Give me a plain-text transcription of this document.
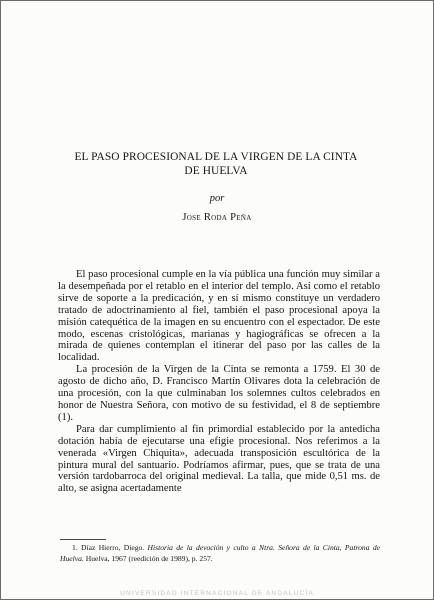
EL PASO PROCESIONAL DE LA VIRGEN DE LA CINTA
DE HUELVA
por
Jose Roda Peña

El paso procesional cumple en la vía pública una función muy similar a la desempeñada por el retablo en el interior del templo. Así como el retablo sirve de soporte a la predicación, y en sí mismo constituye un verdadero tratado de adoctrinamiento al fiel, también el paso procesional apoya la misión catequética de la imagen en su encuentro con el espectador. De este modo, escenas cristológicas, marianas y hagiográficas se ofrecen a la mirada de quienes contemplan el itinerar del paso por las calles de la localidad.

La procesión de la Virgen de la Cinta se remonta a 1759. El 30 de agosto de dicho año, D. Francisco Martín Olivares dota la celebración de una procesión, con la que culminaban los solemnes cultos celebrados en honor de Nuestra Señora, con motivo de su festividad, el 8 de septiembre (1).

Para dar cumplimiento al fin primordial establecido por la antedicha dotación había de ejecutarse una efigie procesional. Nos referimos a la venerada «Virgen Chiquita», adecuada transposición escultórica de la pintura mural del santuario. Podríamos afirmar, pues, que se trata de una versión tardobarroca del original medieval. La talla, que mide 0,51 ms. de alto, se asigna acertadamente

1. Díaz Hierro, Diego. Historia de la devoción y culto a Ntra. Señora de la Cinta, Patrona de Huelva. Huelva, 1967 (reedición de 1989), p. 257.
UNIVERSIDAD INTERNACIONAL DE ANDALUCÍA
